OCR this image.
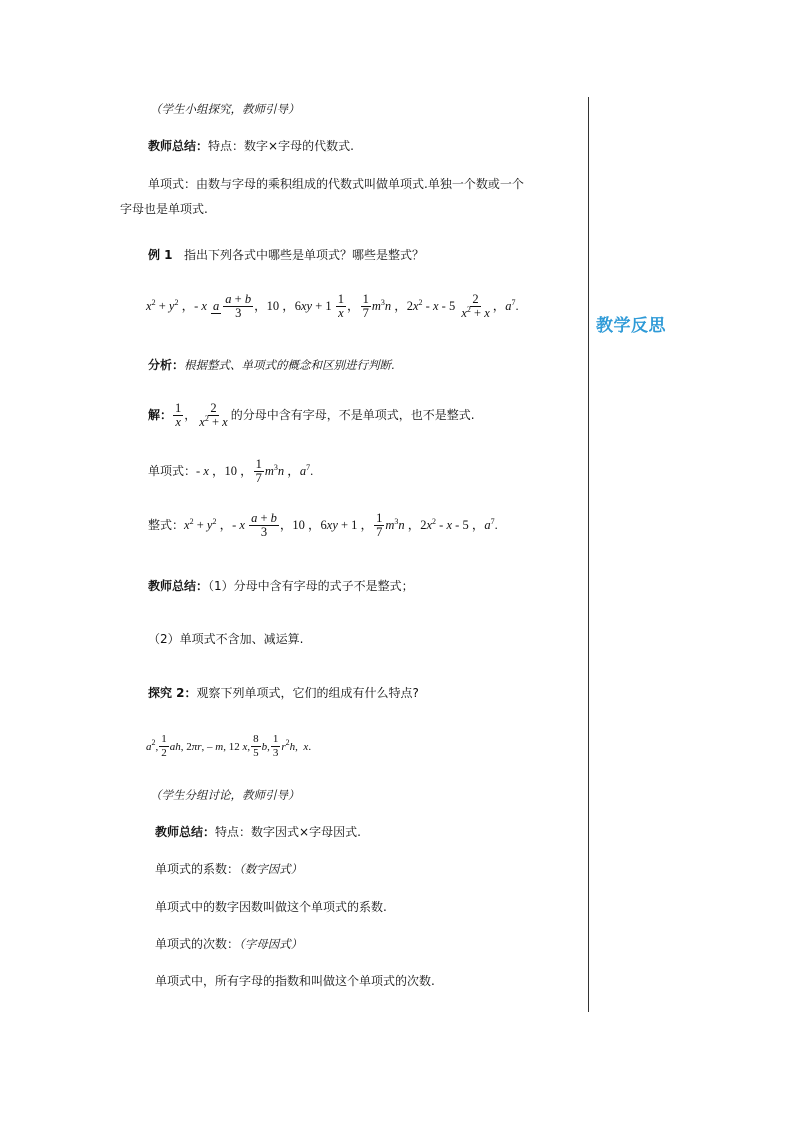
教学反思
（学生小组探究，教师引导）
教师总结：特点：数字×字母的代数式.
单项式：由数与字母的乘积组成的代数式叫做单项式.单独一个数或一个
字母也是单项式.
例 1 指出下列各式中哪些是单项式？哪些是整式？
$x^2 + y^2$ ，- x a $\frac{a + b}{3}$ ，10 ，$6xy + 1 \frac{1}{x}$ ， $\frac{1}{7} m^3n$ ，$2x^2$ - x - $5 \frac{2}{x^2 + x}$ ，$a^7$.
分析：根据整式、单项式的概念和区别进行判断.
解： $\frac{1}{x}$ ， $\frac{2}{x^2 + x}$ 的分母中含有字母，不是单项式，也不是整式.
单项式： - x ，10 ， $\frac{1}{7} m^3n$ ，$a^7$.
整式： $x^2 + y^2$ ，- x $\frac{a + b}{3}$ ，10 ，6xy + 1 ， $\frac{1}{7} m^3n$ ，$2x^2$ - x - 5 ，$a^7$.
教师总结：（1）分母中含有字母的式子不是整式；
（2）单项式不含加、减运算.
探究 2：观察下列单项式，它们的组成有什么特点?
$a^2$, $\frac{1}{2}$ ah, 2πr, – m, 12 x, $\frac{8}{5} b$, $\frac{1}{3} r^2h$,  x.
（学生分组讨论，教师引导）
教师总结：特点：数字因式×字母因式.
单项式的系数：（数字因式）
单项式中的数字因数叫做这个单项式的系数.
单项式的次数：（字母因式）
单项式中，所有字母的指数和叫做这个单项式的次数.
